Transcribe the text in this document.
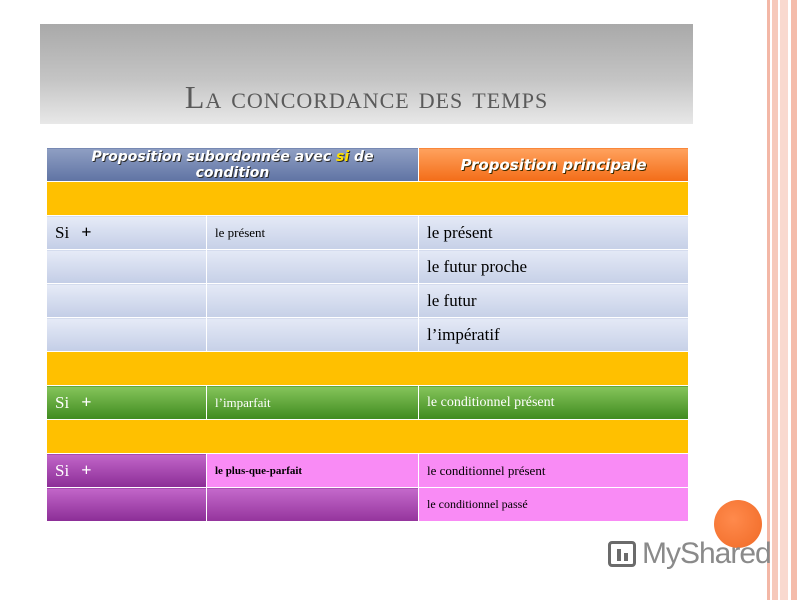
La concordance des temps
Proposition subordonnée avec si de condition		Proposition principale

Si +	le présent	le présent
		le futur proche
		le futur
		l’impératif

Si +	l’imparfait	le conditionnel présent

Si +	le plus-que-parfait	le conditionnel présent
		le conditionnel passé
MyShared
